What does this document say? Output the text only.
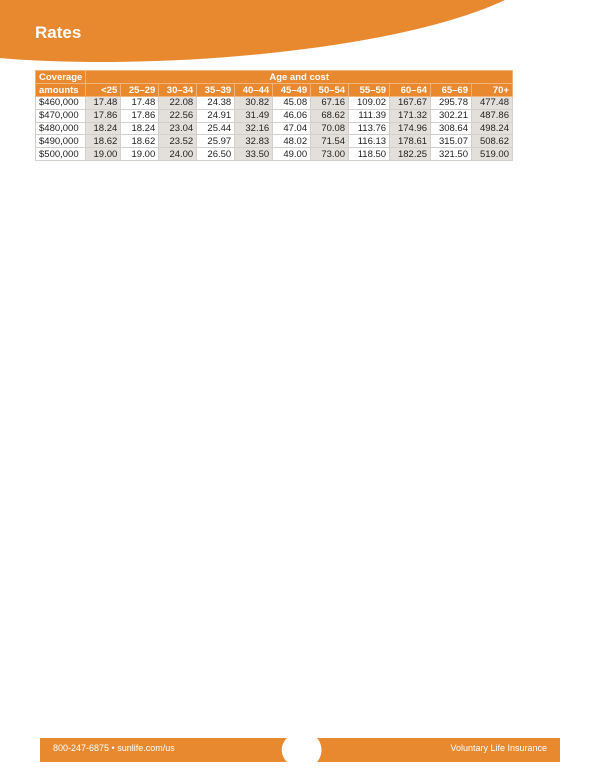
Rates
Coverage	Age and cost										
amounts	<25	25–29	30–34	35–39	40–44	45–49	50–54	55–59	60–64	65–69	70+
$460,000	17.48	17.48	22.08	24.38	30.82	45.08	67.16	109.02	167.67	295.78	477.48
$470,000	17.86	17.86	22.56	24.91	31.49	46.06	68.62	111.39	171.32	302.21	487.86
$480,000	18.24	18.24	23.04	25.44	32.16	47.04	70.08	113.76	174.96	308.64	498.24
$490,000	18.62	18.62	23.52	25.97	32.83	48.02	71.54	116.13	178.61	315.07	508.62
$500,000	19.00	19.00	24.00	26.50	33.50	49.00	73.00	118.50	182.25	321.50	519.00
800-247-6875 • sunlife.com/us	Voluntary Life Insurance
